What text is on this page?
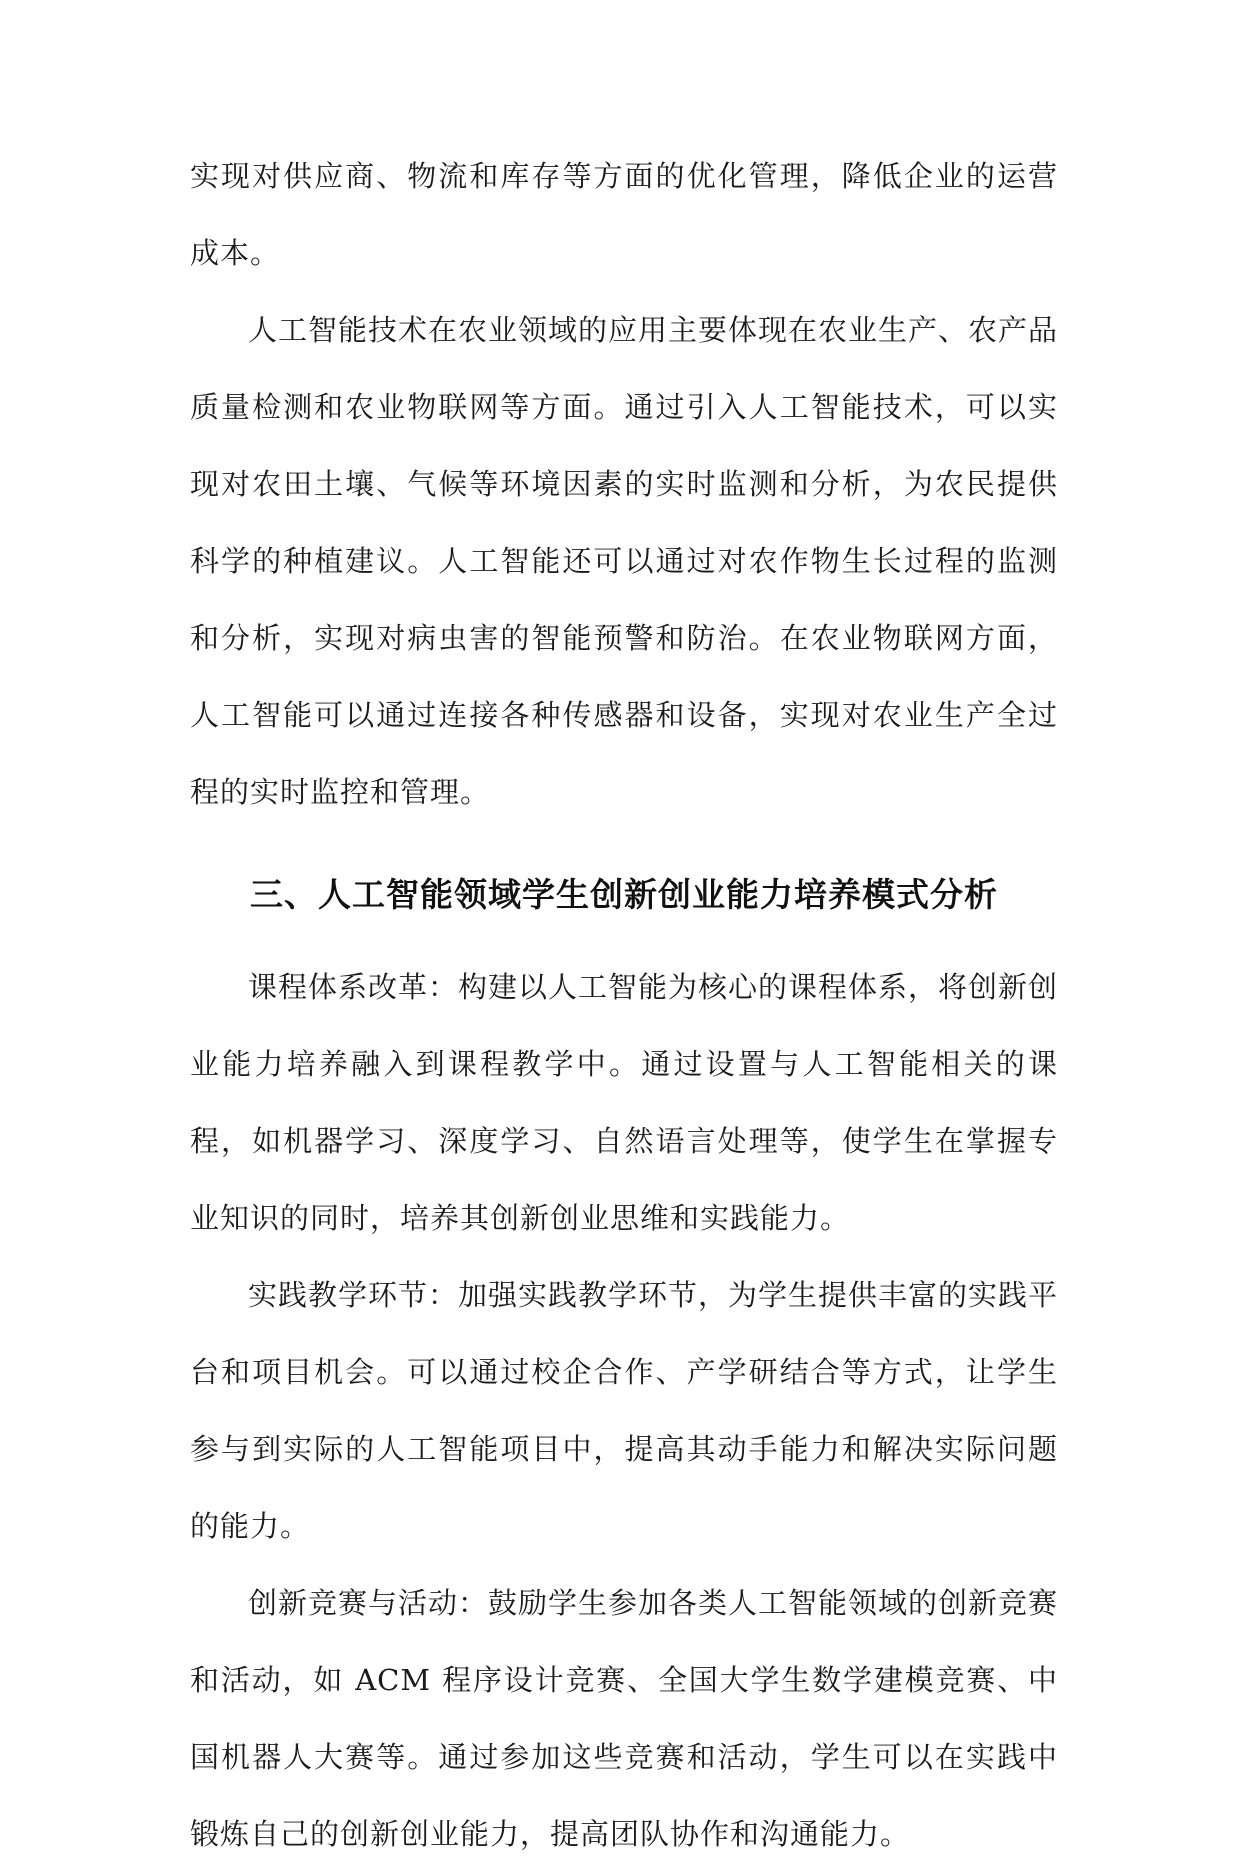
实现对供应商、物流和库存等方面的优化管理，降低企业的运营成本。

人工智能技术在农业领域的应用主要体现在农业生产、农产品质量检测和农业物联网等方面。通过引入人工智能技术，可以实现对农田土壤、气候等环境因素的实时监测和分析，为农民提供科学的种植建议。人工智能还可以通过对农作物生长过程的监测和分析，实现对病虫害的智能预警和防治。在农业物联网方面，人工智能可以通过连接各种传感器和设备，实现对农业生产全过程的实时监控和管理。

三、人工智能领域学生创新创业能力培养模式分析

课程体系改革：构建以人工智能为核心的课程体系，将创新创业能力培养融入到课程教学中。通过设置与人工智能相关的课程，如机器学习、深度学习、自然语言处理等，使学生在掌握专业知识的同时，培养其创新创业思维和实践能力。

实践教学环节：加强实践教学环节，为学生提供丰富的实践平台和项目机会。可以通过校企合作、产学研结合等方式，让学生参与到实际的人工智能项目中，提高其动手能力和解决实际问题的能力。

创新竞赛与活动：鼓励学生参加各类人工智能领域的创新竞赛和活动，如 ACM 程序设计竞赛、全国大学生数学建模竞赛、中国机器人大赛等。通过参加这些竞赛和活动，学生可以在实践中锻炼自己的创新创业能力，提高团队协作和沟通能力。
